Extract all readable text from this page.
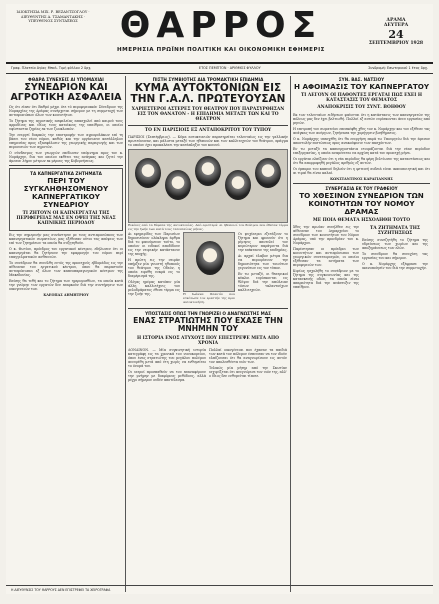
ΙΔΙΟΚΤΗΣΙΑ ΜΙΧ. Ρ. ΒΕΖΑΝΤΖΟΓΛΟΥ · ΔΙΕΥΘΥΝΤΗΣ Α. ΤΣΑΜΑΝΤΑΚΗΣ · ΥΠΕΥΘΥΝΟΣ ΣΥΝΤΑΞΕΩΣ	ΘΑΡΡΟΣ
ΗΜΕΡΗΣΙΑ ΠΡΩΪΝΗ ΠΟΛΙΤΙΚΗ ΚΑΙ ΟΙΚΟΝΟΜΙΚΗ ΕΦΗΜΕΡΙΣ
ΔΡΑΜΑ
ΔΕΥΤΕΡΑ
24
ΣΕΠΤΕΜΒΡΙΟΥ 1928
Γραφ. Πλατεία Αγίας Μπαλ. Τιμή φύλλου 2 δρχ.	ΕΤΟΣ ΠΕΜΠΤΟΝ · ΑΡΙΘΜΟΣ ΦΥΛΛΟΥ	Συνδρομή: Εσωτερικού 1 έτος δρχ.
ΦΘΑΡΑ ΣΥΝΕΧΕΙΣ ΑΙ ΥΠΟΜΑΧΙΑΙ
ΣΥΝΕΔΡΙΟΝ ΚΑΙ ΑΓΡΟΤΙΚΗ ΑΣΦΑΛΕΙΑ

Ως ότι είπεν ότι Βαθμό μέχρι ότε τό περιφερειακόν Σύνεδριον της Νομαρχίας της Δράμας συνέρχεται σήμερον με τη συμμετοχή των αντιπροσώπων όλων των κοινοτήτων.

Το ζήτημα της αγροτικής ασφαλείας απασχολεί από καιρού τους αρμοδίους και ιδίως τους κατοίκους της υπαίθρου, οι οποίοι υφίστανται ζημίας εκ των ζωοκλοπών.

Την ενεργεί διαρκώς την επιστροφήν των αγροφυλάκων επί τη βάσει του νέου νόμου, καθώς και την οργάνωσιν κατάλληλου υπηρεσίας προς εξασφάλισιν της γεωργικής παραγωγής και των περιουσιών των αγροτών.

Ο σύνδεσμος των γεωργών επέδωσεν υπόμνημα προς τον κ. Νομάρχην, δια του οποίου εκθέτει τας ανάγκας και ζητεί την άμεσον λήψιν μέτρων εκ μέρους της Κυβερνήσεως.

ΤΑ ΚΑΠΝΕΡΓΑΤΙΚΑ ΖΗΤΗΜΑΤΑ
ΠΕΡΙ ΤΟΥ ΣΥΓΚΛΗΘΗΣΟΜΕΝΟΥ ΚΑΠΝΕΡΓΑΤΙΚΟΥ ΣΥΝΕΔΡΙΟΥ
ΤΙ ΖΗΤΟΥΝ ΟΙ ΚΑΠΝΕΡΓΑΤΑΙ ΤΗΣ ΠΕΡΙΦΕΡΕΙΑΣ ΜΑΣ ΕΝ ΟΨΕΙ ΤΗΣ ΝΕΑΣ ΚΑΠΝΙΚΗΣ ΠΕΡΙΟΔΟΥ

Εις την σημερινήν μας συνάντησιν με τους αντιπροσώπους των καπνεργατικών σωματείων, μας εξέθεσαν ούτοι τας απόψεις των επί των ζητημάτων τα οποία θα συζητηθούν.

Ο κ. Φωτίου, πρόεδρος του εργατικού κέντρου, εδήλωσεν ότι οι καπνεργάται θα ζητήσουν την εφαρμογήν του νόμου περί επαγγελματικών ασθενειών.

Το συνέδριον θα συνέλθη εντός της προσεχούς εβδομάδος εις την αίθουσαν του εργατικού κέντρου, όπου θα παραστούν αντιπρόσωποι εξ όλων των καπνοπαραγωγικών κέντρων της Μακεδονίας.

Επίσης θα τεθή και το ζήτημα των ημερομισθίων, τα οποία κατά την γνώμην των εργατών δεν επαρκούν διά την συντήρησιν των οικογενειών των.

ΚΛΕΟΠΑΣ ΔΗΜΗΤΡΙΟΥ
ΠΙΣΤΗ ΣΥΜΒΙΟΤΗΣ ΔΙΑ ΤΡΟΜΑΚΤΙΚΗ ΕΠΙΔΗΜΙΑ
ΚΥΜΑ ΑΥΤΟΚΤΟΝΙΩΝ ΕΙΣ ΤΗΝ Γ.Α.Λ. ΠΡΩΤΕΥΟΥΣΑΝ
ΧΑΡΙΕΣΤΕΡΟΙ ΑΣΤΕΡΕΣ ΤΟΥ ΘΕΑΤΡΟΥ ΠΟΥ ΠΑΡΑΣΥΡΘΗΣΑΝ ΕΙΣ ΤΟΝ ΘΑΝΑΤΟΝ - Η ΕΠΙΔΗΜΙΑ ΜΕΤΑΞΥ ΤΩΝ ΚΑΙ ΤΟ ΘΕΑΤΡΟΝ
ΤΟ ΕΝ ΠΑΡΙΣΙΟΙΣ ΕΞ ΑΝΤΑΠΟΚΡΙΤΟΥ ΤΟΥ ΤΥΠΟΥ

ΠΑΡΙΣΙΟΙ (Σεπτέμβριος). — Κύμα αυτοκτονιών παρατηρείται τελευταίως εις την γαλλικήν πρωτεύουσαν, και μάλιστα μεταξύ των ηθοποιών και των καλλιτεχνών του θεάτρου, πράγμα το οποίον έχει προκαλέσει την κατάπληξιν του κοινού.

Εικόνες από τα θύματα της αυτοκτονίας. Από αριστερά: αι ηθοποιοί του θεάτρου που έθεσαν τέρμα εις την ζωήν των κατά τους τελευταίους μήνας.

Αι εφημερίδες των Παρισίων δημοσιεύουν ολόκληρα άρθρα διά το φαινόμενον τούτο, το οποίον οι ειδικοί αποδίδουν εις την νευρικήν κατάστασιν της εποχής.

Η πρώτη εις την σειράν υπήρξεν μία γνωστή ηθοποιός του θεάτρου της Οδεόν, η οποία ευρέθη νεκρά εις το διαμέρισμά της.

Ολίγας ημέρας κατόπιν μία άλλη καλλιτέχνις του μελοδράματος έθεσε τέρμα εις την ζωήν της.	Η Ιωάννα Φλαντίν που εσκότωσε τον εραστήν της πριν αυτοκτονήση.

Οι ψυχίατροι εξετάζουν το ζήτημα και φρονούν ότι η μίμησις αποτελεί τον κυριώτερον παράγοντα διά την επέκτασιν της επιδημίας.

Αι αρχαί έλαβον μέτρα δια να περιορίσουν την δημοσιότητα των τοιούτων γεγονότων εις τον τύπον.

Εν τω μεταξύ, οι θεατρικοί κύκλοι ευρίσκονται εις θλίψιν διά την απώλειαν τόσων ταλαντούχων καλλιτεχνών.

ΥΠΟΣΤΑΣΙΣ ΟΠΩΣ ΤΗΝ ΓΝΩΡΙΖΕΙ Ο ΑΝΑΓΝΩΣΤΗΣ ΜΑΣ
ΕΝΑΣ ΣΤΡΑΤΙΩΤΗΣ ΠΟΥ ΕΧΑΣΕ ΤΗΝ ΜΝΗΜΗΝ ΤΟΥ
Η ΙΣΤΟΡΙΑ ΕΝΟΣ ΑΤΥΧΟΥΣ ΠΟΥ ΕΠΕΣΤΡΕΨΕ ΜΕΤΑ ΑΠΟ ΧΡΟΝΙΑ

ΛΟΝΔΙΝΟΝ. — Μία συγκινητική ιστορία κατεγράφη εις τα χρονικά του νοσοκομείου, όπου ένας στρατιώτης του μεγάλου πολέμου ανευρέθη μετά από έτη χωρίς να ενθυμείται το όνομά του.

Οι ιατροί προσπαθούν να του επαναφέρουν την μνήμην με διαφόρους μεθόδους, αλλά μέχρι σήμερον ουδέν αποτέλεσμα.

Πολλαί οικογένειαι που έχασαν τα παιδιά των κατά τον πόλεμον έσπευσαν να τον ιδούν ελπίζουσαι ότι θα αναγνωρίσουν εις αυτόν τον απολεσθέντα υιόν των.

Τελικώς μία μήτηρ από την Σκωτίαν ισχυρίζεται ότι ανεγνώρισε τον υιόν της, αλλ' ο ίδιος δεν ενθυμείται τίποτε.

ΣΥΝ. ΒΑΣ. ΝΑΤΣΙΟΥ
Η ΑΦΟΙΜΑΣΙΣ ΤΟΥ ΚΑΠΝΕΡΓΑΤΟΥ
ΤΙ ΛΕΓΟΥΝ ΟΙ ΠΑΘΟΝΤΕΣ ΕΡΓΑΤΑΙ ΠΩΣ ΕΧΕΙ Η ΚΑΤΑΣΤΑΣΙΣ ΤΟΥ ΘΕΜΑΤΟΣ
ΑΝΑΠΟΚΡΙΣΙΣ ΤΟΥ ΣΥΝΤ. ΒΟΗΘΟΥ

Εκ των τελευταίων ειδήσεων φαίνεται ότι η κατάστασις των καπνεργατών της πόλεως μας δεν έχει βελτιωθή. Πολλοί εξ αυτών ευρίσκονται άνευ εργασίας από μηνών.

Η επιτροπή του σωματείου επεσκέφθη χθες τον κ. Νομάρχην και του εξέθεσε τας ανάγκας των ανέργων, ζητήσασα την χορήγησιν βοηθήματος.

Ο κ. Νομάρχης υπεσχέθη ότι θα ενεργήση παρά τω Υπουργείω διά την άμεσον αποστολήν πιστώσεως προς ανακούφισιν των πασχόντων.

Εν τω μεταξύ τα καπνεργοστάσια ετοιμάζονται διά την νέαν περίοδον επεξεργασίας, η οποία αναμένεται να αρχίση κατά τον προσεχή μήνα.

Οι εργάται ελπίζουν ότι η νέα περίοδος θα φέρη βελτίωσιν της καταστάσεως και ότι θα απορροφηθή μεγάλος αριθμός εξ αυτών.

Οι έμποροι του καπνού δηλούν ότι η φετεινή σοδειά είναι ικανοποιητική και ότι αι τιμαί θα είναι καλαί.

ΚΩΝΣΤΑΝΤΙΝΟΣ ΚΑΡΑΓΙΑΝΝΗΣ
ΣΥΝΕΡΓΑΣΙΑ ΕΚ ΤΟΥ ΓΡΑΦΕΙΟΥ
ΤΟ ΧΘΕΣΙΝΟΝ ΣΥΝΕΔΡΙΟΝ ΤΩΝ ΚΟΙΝΟΤΗΤΩΝ ΤΟΥ ΝΟΜΟΥ ΔΡΑΜΑΣ
ΜΕ ΠΟΙΑ ΘΕΜΑΤΑ ΗΣΧΟΛΗΘΗ ΤΟΥΤΟ

Χθες την πρωίαν συνήλθεν εις την αίθουσαν του Δημαρχείου το συνέδριον των κοινοτήτων του Νόμου Δράμας, υπό την προεδρίαν του κ. Νομάρχου.

Παρέστησαν οι πρόεδροι των κοινοτήτων και αντιπρόσωποι των γεωργικών συνεταιρισμών, οι οποίοι εξέθεσαν τα αιτήματα των περιφερειών των.

Κυρίως ησχολήθη το συνέδριον με το ζήτημα της συγκοινωνίας και της κατασκευής οδών, τα οποία είναι απαραίτητα διά την ανάπτυξιν της υπαίθρου.

ΤΑ ΖΗΤΗΜΑΤΑ ΤΗΣ ΣΥΖΗΤΗΣΕΩΣ

Επίσης συνεζητήθη το ζήτημα της υδρεύσεως των χωρίων και της αποξηράνσεως των ελών.

Το συνέδριον θα συνεχίση τας εργασίας του και σήμερον.

Ο κ. Νομάρχης εξέφρασε την ικανοποίησίν του διά την συμμετοχήν.

Η ΔΙΕΥΘΥΝΣΙΣ ΤΟΥ ΘΑΡΡΟΥΣ ΔΕΝ ΕΠΙΣΤΡΕΦΕΙ ΤΑ ΧΕΙΡΟΓΡΑΦΑ
